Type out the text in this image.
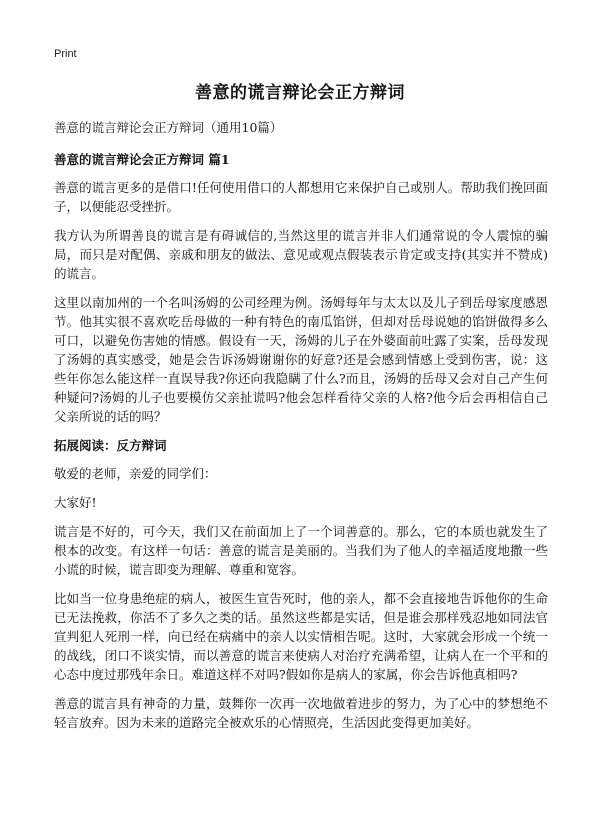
Print
善意的谎言辩论会正方辩词

善意的谎言辩论会正方辩词（通用10篇）

善意的谎言辩论会正方辩词 篇1

善意的谎言更多的是借口!任何使用借口的人都想用它来保护自己或别人。帮助我们挽回面子，以便能忍受挫折。

我方认为所谓善良的谎言是有碍诚信的,当然这里的谎言并非人们通常说的令人震惊的骗局，而只是对配偶、亲戚和朋友的做法、意见或观点假装表示肯定或支持(其实并不赞成)的谎言。

这里以南加州的一个名叫汤姆的公司经理为例。汤姆每年与太太以及儿子到岳母家度感恩节。他其实很不喜欢吃岳母做的一种有特色的南瓜馅饼，但却对岳母说她的馅饼做得多么可口，以避免伤害她的情感。假设有一天，汤姆的儿子在外婆面前吐露了实案，岳母发现了汤姆的真实感受，她是会告诉汤姆谢谢你的好意?还是会感到情感上受到伤害，说：这些年你怎么能这样一直误导我?你还向我隐瞒了什么?而且，汤姆的岳母又会对自己产生何种疑问?汤姆的儿子也要模仿父亲扯谎吗?他会怎样看待父亲的人格?他今后会再相信自己父亲所说的话的吗？

拓展阅读：反方辩词

敬爱的老师，亲爱的同学们：

大家好!

谎言是不好的，可今天，我们又在前面加上了一个词善意的。那么，它的本质也就发生了根本的改变。有这样一句话：善意的谎言是美丽的。当我们为了他人的幸福适度地撒一些小谎的时候，谎言即变为理解、尊重和宽容。

比如当一位身患绝症的病人，被医生宣告死时，他的亲人，都不会直接地告诉他你的生命已无法挽救，你活不了多久之类的话。虽然这些都是实话，但是谁会那样残忍地如同法官宣判犯人死刑一样，向已经在病痛中的亲人以实情相告呢。这时，大家就会形成一个统一的战线，闭口不谈实情，而以善意的谎言来使病人对治疗充满希望，让病人在一个平和的心态中度过那残年余日。难道这样不对吗?假如你是病人的家属，你会告诉他真相吗?

善意的谎言具有神奇的力量，鼓舞你一次再一次地做着进步的努力，为了心中的梦想绝不轻言放弃。因为未来的道路完全被欢乐的心情照亮，生活因此变得更加美好。
